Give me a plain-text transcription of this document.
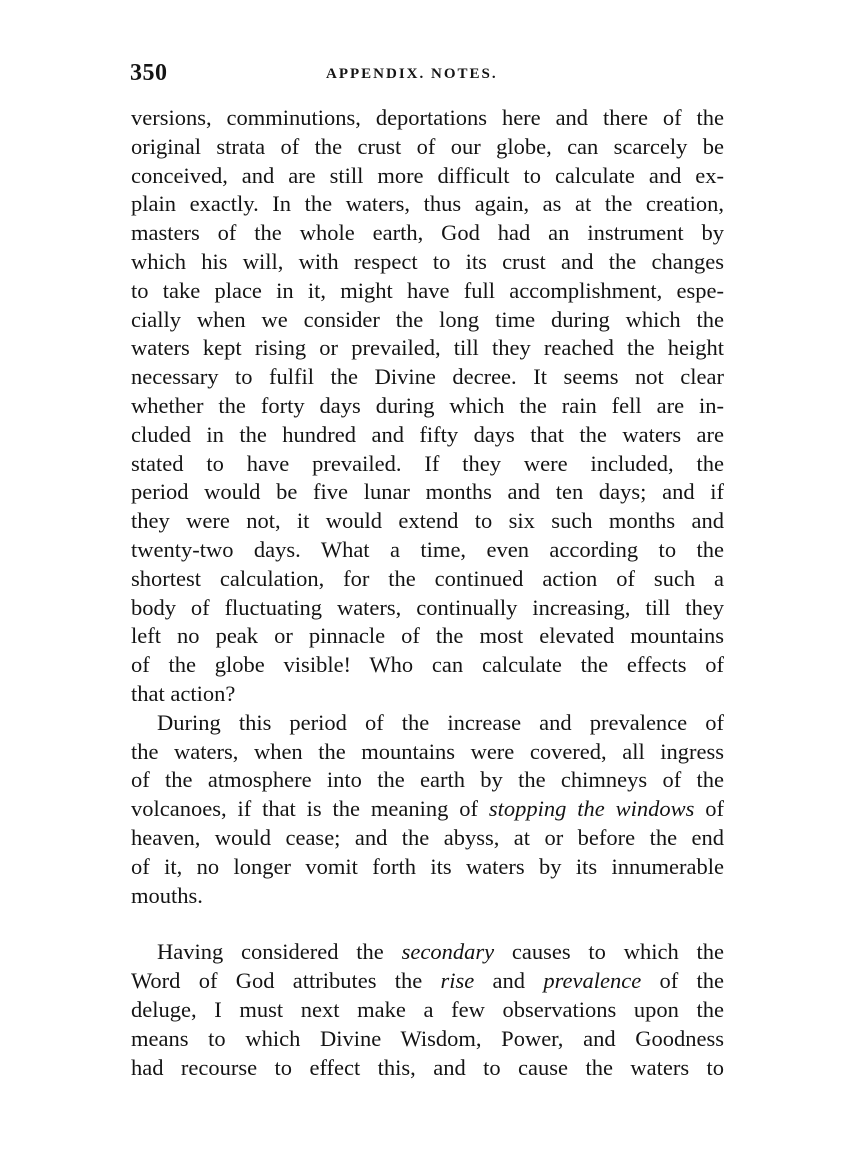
350	APPENDIX. NOTES.
versions, comminutions, deportations here and there of the
original strata of the crust of our globe, can scarcely be
conceived, and are still more difficult to calculate and ex-
plain exactly. In the waters, thus again, as at the creation,
masters of the whole earth, God had an instrument by
which his will, with respect to its crust and the changes
to take place in it, might have full accomplishment, espe-
cially when we consider the long time during which the
waters kept rising or prevailed, till they reached the height
necessary to fulfil the Divine decree. It seems not clear
whether the forty days during which the rain fell are in-
cluded in the hundred and fifty days that the waters are
stated to have prevailed. If they were included, the
period would be five lunar months and ten days; and if
they were not, it would extend to six such months and
twenty-two days. What a time, even according to the
shortest calculation, for the continued action of such a
body of fluctuating waters, continually increasing, till they
left no peak or pinnacle of the most elevated mountains
of the globe visible! Who can calculate the effects of
that action?
During this period of the increase and prevalence of
the waters, when the mountains were covered, all ingress
of the atmosphere into the earth by the chimneys of the
volcanoes, if that is the meaning of stopping the windows of
heaven, would cease; and the abyss, at or before the end
of it, no longer vomit forth its waters by its innumerable
mouths.
Having considered the secondary causes to which the
Word of God attributes the rise and prevalence of the
deluge, I must next make a few observations upon the
means to which Divine Wisdom, Power, and Goodness
had recourse to effect this, and to cause the waters to
